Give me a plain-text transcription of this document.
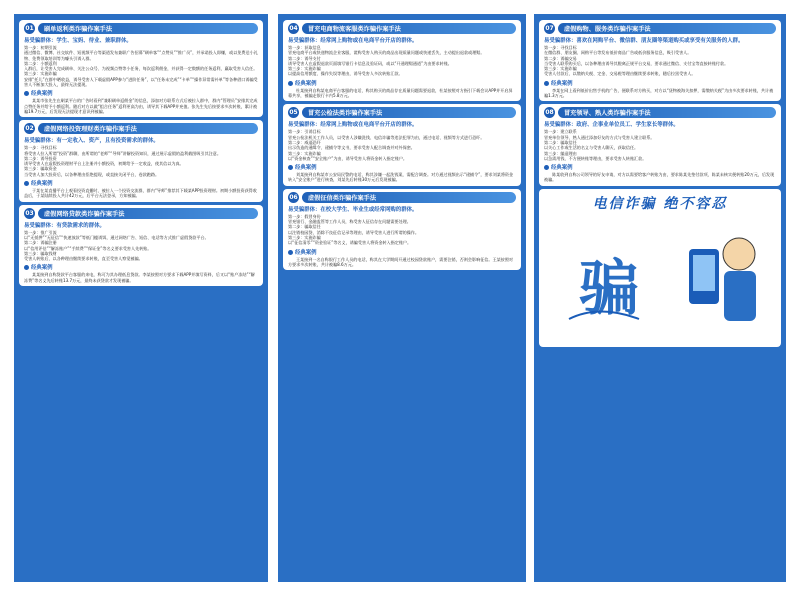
01	刷单返利类诈骗作案手法
易受骗群体：学生、宝妈、待业、兼职群体。

第一步：初期引流
通过微信、微博、社交软件、短视频平台等渠道发布兼职广告招募“刷单客”“点赞员”“推广员”，并承诺投入即赚，或以免费送小礼物、免费领取培训等为噱头引诱入群。
第二步：小额返利
入群后，让受害人完成刷单、关注公众号、为视频点赞等小任务，每次返利佣金，并获得一定数额的任务返利，赢取受害人信任。
第三步：实施诈骗
安排“托儿”在群中晒收益，诱导受害人下载虚假APP参与“进阶任务”，以“任务未完成”“卡单”“操作异常需补单”等各种借口诱骗受害人不断加大投入，最终无法提现。

经典案例

某某市张先生在刷某平台的广告时看到“兼职刷单返佣金”的信息，添加对方联系方式后被拉入群中，群内“管理员”安排其完成点赞任务并给予小额返利。随后对方以做“组合任务”返利更高为由，诱导其下载APP并充值。张先生先后按要求多次转账，累计被骗19.7万元，后发现无法提现才意识到被骗。

02	虚假网络投资理财类诈骗作案手法
易受骗群体：有一定收入、资产，且有投资需求的群体。

第一步：寻找目标
将受害人拉入所谓“投资”群聊，由所谓的“老师”“导师”讲解投资知识，通过展示虚假的盈利截图吸引其注意。
第二步：诱导投资
诱导受害人在虚假投资理财平台上注册并小额投资，初期给予一定收益，使其信以为真。
第三步：骗取资金
当受害人加大投资后，以各种理由拒绝提现，或直接关闭平台，卷款跑路。

经典案例

于某在某直播平台上观看投资直播时，被拉入一个投资交流群，群内“导师”推荐其下载某APP投资理财。初期小额投资获得收益后，于某陆续投入共计42万元，后平台无法登录，方知被骗。

03	虚假网络贷款类诈骗作案手法
易受骗群体：有贷款需求的群体。

第一步：推广引流
以“无抵押”“无征信”“快速放款”等低门槛诱饵，通过网络广告、短信、电话等方式推广虚假贷款平台。
第二步：诱骗注册
以“信用评估”“解冻账户”“手续费”“保证金”等名义要求受害人先转账。
第三步：骗取钱财
受害人转账后，以各种理由继续要求转账，直至受害人察觉被骗。

经典案例

某某接到自称贷款平台客服的来电，称可为其办理低息贷款。李某按照对方要求下载APP并填写资料，后又以“账户冻结”“解冻费”等名义先后转账13.7万元，最终未获贷款才发现被骗。

04	冒充电商物流客服类诈骗作案手法
易受骗群体：经常网上购物或在电商平台开店的群体。

第一步：获取信息
冒充电商平台或快递物流企业客服，谎称受害人购买的商品出现质量问题或快递丢失，主动提出退款或理赔。
第二步：诱导支付
诱导受害人在虚假退款页面填写银行卡信息及验证码，或以“开通理赔通道”为由要求转账。
第三步：实施诈骗
以提高信用额度、操作失误等理由，诱导受害人多次转账汇款。

经典案例

杜某接到自称某电商平台客服的电话，称其购买的商品存在质量问题需要退款，杜某按照对方指引下载会议APP并开启屏幕共享，被骗走银行卡内5.8万元。

05	冒充公检法类诈骗作案手法
易受骗群体：经常网上购物或在电商平台开店的群体。

第一步：引诱目标
冒充公检法机关工作人员，以受害人涉嫌洗钱、电信诈骗等违法犯罪为由，通过电话、视频等方式进行恐吓。
第二步：威逼恐吓
出示伪造的通缉令、逮捕令等文书，要求受害人配合调查并对外保密。
第三步：实施诈骗
以“资金核查”“安全账户”为由，诱导受害人将资金转入指定账户。

经典案例

刘某接到自称某市公安局民警的电话，称其涉嫌一起洗钱案，需配合调查。对方通过视频出示“逮捕令”，要求刘某将资金转入“安全账户”进行核查，刘某先后转账30万元后发现被骗。

06	虚假征信类诈骗作案手法
易受骗群体：在校大学生、毕业生或经常网购的群体。

第一步：假冒身份
冒充银行、金融监管等工作人员，称受害人征信存在问题需要处理。
第二步：骗取信任
以注销校园贷、消除不良征信记录等理由，诱导受害人进行所谓的操作。
第三步：实施诈骗
以“征信清零”“资金验证”等名义，诱骗受害人将资金转入指定账户。

经典案例

王某接到一名自称银行工作人员的电话，称其在大学期间开通过校园贷款账户，需要注销，否则会影响征信。王某按照对方要求多次转账，共计被骗8.6万元。

07	虚假购物、服务类诈骗作案手法
易受骗群体：喜欢在网购平台、微信群、朋友圈等渠道购买或享受有关服务的人群。

第一步：寻找目标
在微信群、朋友圈、网购平台等发布低价商品广告或低价服务信息，吸引受害人。
第二步：诱骗交易
当受害人联系购买后，以各种理由诱导其脱离正规平台交易，要求通过微信、支付宝等直接转账付款。
第三步：实施诈骗
受害人付款后，以缴纳关税、定金、交易税等理由继续要求转账，随后拉黑受害人。

经典案例

李某在网上看到低价出售手机的广告，便联系对方购买，对方以“货物被海关扣押，需缴纳关税”为由多次要求转账，共计被骗1.3万元。

08	冒充领导、熟人类诈骗作案手法
易受骗群体：政府、企事业单位员工、学生家长等群体。

第一步：建立联系
冒充单位领导、熟人通过添加好友的方式与受害人建立联系。
第二步：骗取信任
以关心工作或生活的名义与受害人聊天，获取信任。
第三步：编造理由
以急需用钱、不方便转账等理由，要求受害人转账汇款。

经典案例

陈某收到自称公司领导的好友申请，对方以需要给客户转账为由，要求陈某先垫付款项，陈某未核实便转账20万元，后发现被骗。

电信诈骗 绝不容忍
骗
